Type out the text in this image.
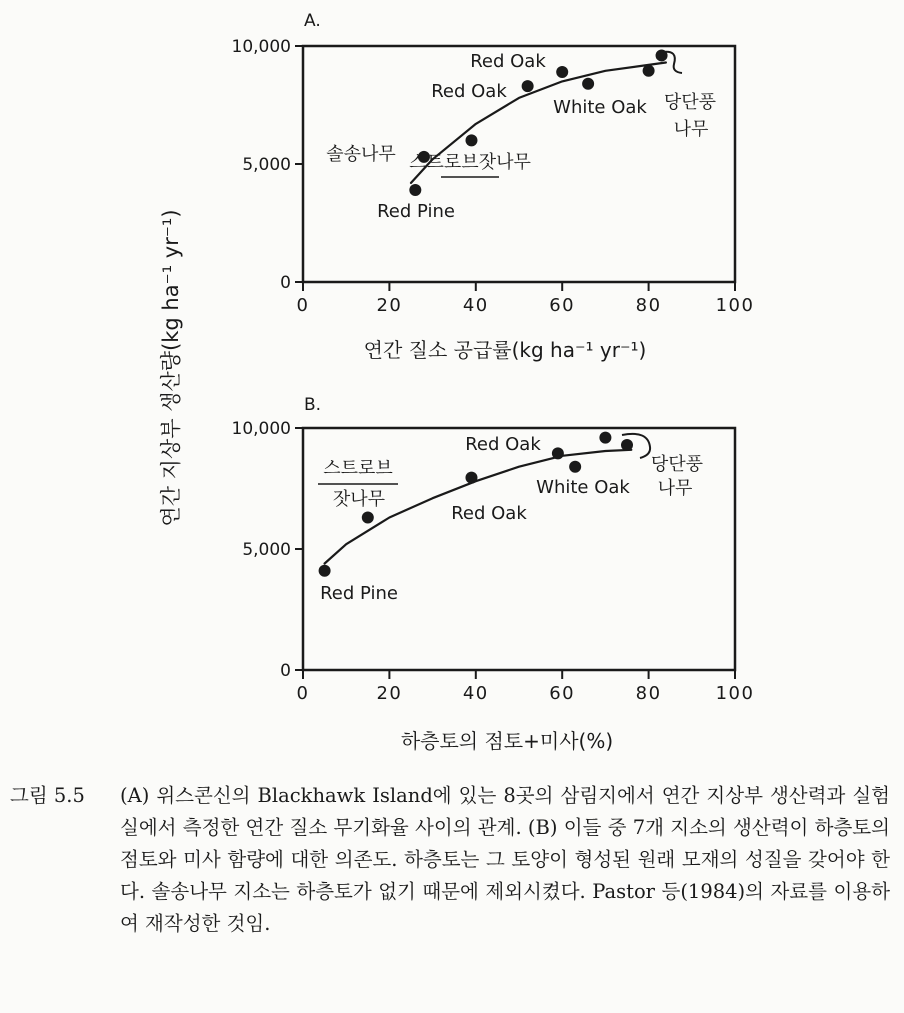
연간 지상부 생산량(kg ha⁻¹ yr⁻¹)
A.
0	20	40	60	80	100
0
5,000
10,000
연간 질소 공급률(kg ha⁻¹ yr⁻¹)
Red Pine
솔송나무 스트로브잣나무
Red Oak
Red Oak
White Oak 당단풍
나무
B.
0	20	40	60	80	100
0
5,000
10,000
하층토의 점토+미사(%)
Red Pine
스트로브
잣나무
Red Oak
Red Oak
White Oak
당단풍
나무
그림 5.5	(A) 위스콘신의 Blackhawk Island에 있는 8곳의 삼림지에서 연간 지상부 생산력과 실험실에서 측정한 연간 질소 무기화율 사이의 관계. (B) 이들 중 7개 지소의 생산력이 하층토의 점토와 미사 함량에 대한 의존도. 하층토는 그 토양이 형성된 원래 모재의 성질을 갖어야 한다. 솔송나무 지소는 하층토가 없기 때문에 제외시켰다. Pastor 등(1984)의 자료를 이용하여 재작성한 것임.
